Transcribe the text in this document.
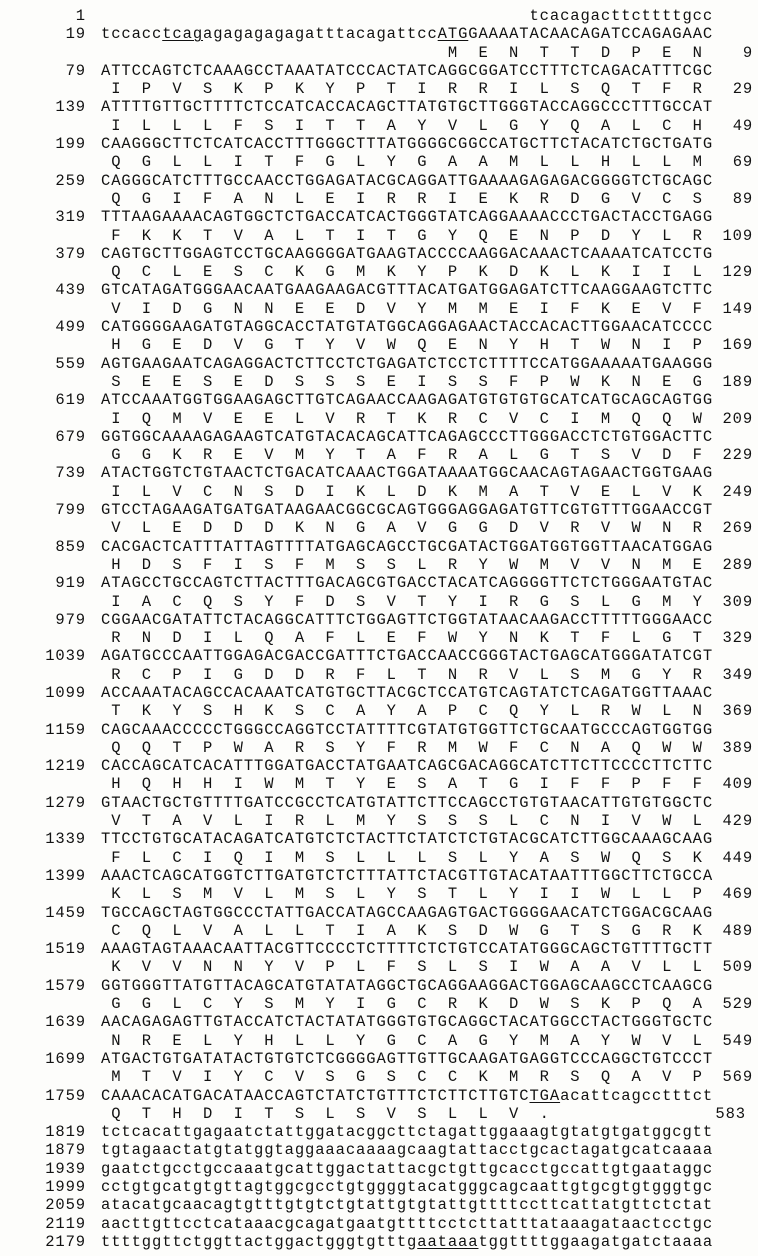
1 tcacagacttcttttgcc
19 tccacctcagagagagagagatttacagattccATGGAAAATACAACAGATCCAGAGAAC
M  E  N  T  T  D  P  E  N	9
79 ATTCCAGTCTCAAAGCCTAAATATCCCACTATCAGGCGGATCCTTTCTCAGACATTTCGC
I  P  V  S  K  P  K  Y  P  T  I  R  R  I  L  S  Q  T  F  R	29
139 ATTTTGTTGCTTTTCTCCATCACCACAGCTTATGTGCTTGGGTACCAGGCCCTTTGCCAT
I  L  L  L  F  S  I  T  T  A  Y  V  L  G  Y  Q  A  L  C  H	49
199 CAAGGGCTTCTCATCACCTTTGGGCTTTATGGGGCGGCCATGCTTCTACATCTGCTGATG
Q  G  L  L  I  T  F  G  L  Y  G  A  A  M  L  L  H  L  L  M	69
259 CAGGGCATCTTTGCCAACCTGGAGATACGCAGGATTGAAAAGAGAGACGGGGTCTGCAGC
Q  G  I  F  A  N  L  E  I  R  R  I  E  K  R  D  G  V  C  S	89
319 TTTAAGAAAACAGTGGCTCTGACCATCACTGGGTATCAGGAAAACCCTGACTACCTGAGG
F  K  K  T  V  A  L  T  I  T  G  Y  Q  E  N  P  D  Y  L  R 109
379 CAGTGCTTGGAGTCCTGCAAGGGGATGAAGTACCCCAAGGACAAACTCAAAATCATCCTG
Q  C  L  E  S  C  K  G  M  K  Y  P  K  D  K  L  K  I  I  L 129
439 GTCATAGATGGGAACAATGAAGAAGACGTTTACATGATGGAGATCTTCAAGGAAGTCTTC
V  I  D  G  N  N  E  E  D  V  Y  M  M  E  I  F  K  E  V  F 149
499 CATGGGGAAGATGTAGGCACCTATGTATGGCAGGAGAACTACCACACTTGGAACATCCCC
H  G  E  D  V  G  T  Y  V  W  Q  E  N  Y  H  T  W  N  I  P 169
559 AGTGAAGAATCAGAGGACTCTTCCTCTGAGATCTCCTCTTTTCCATGGAAAAATGAAGGG
S  E  E  S  E  D  S  S  S  E  I  S  S  F  P  W  K  N  E  G 189
619 ATCCAAATGGTGGAAGAGCTTGTCAGAACCAAGAGATGTGTGTGCATCATGCAGCAGTGG
I  Q  M  V  E  E  L  V  R  T  K  R  C  V  C  I  M  Q  Q  W 209
679 GGTGGCAAAAGAGAAGTCATGTACACAGCATTCAGAGCCCTTGGGACCTCTGTGGACTTC
G  G  K  R  E  V  M  Y  T  A  F  R  A  L  G  T  S  V  D  F 229
739 ATACTGGTCTGTAACTCTGACATCAAACTGGATAAAATGGCAACAGTAGAACTGGTGAAG
I  L  V  C  N  S  D  I  K  L  D  K  M  A  T  V  E  L  V  K 249
799 GTCCTAGAAGATGATGATAAGAACGGCGCAGTGGGAGGAGATGTTCGTGTTTGGAACCGT
V  L  E  D  D  D  K  N  G  A  V  G  G  D  V  R  V  W  N  R 269
859 CACGACTCATTTATTAGTTTTATGAGCAGCCTGCGATACTGGATGGTGGTTAACATGGAG
H  D  S  F  I  S  F  M  S  S  L  R  Y  W  M  V  V  N  M  E 289
919 ATAGCCTGCCAGTCTTACTTTGACAGCGTGACCTACATCAGGGGTTCTCTGGGAATGTAC
I  A  C  Q  S  Y  F  D  S  V  T  Y  I  R  G  S  L  G  M  Y 309
979 CGGAACGATATTCTACAGGCATTTCTGGAGTTCTGGTATAACAAGACCTTTTTGGGAACC
R  N  D  I  L  Q  A  F  L  E  F  W  Y  N  K  T  F  L  G  T 329
1039 AGATGCCCAATTGGAGACGACCGATTTCTGACCAACCGGGTACTGAGCATGGGATATCGT
R  C  P  I  G  D  D  R  F  L  T  N  R  V  L  S  M  G  Y  R 349
1099 ACCAAATACAGCCACAAATCATGTGCTTACGCTCCATGTCAGTATCTCAGATGGTTAAAC
T  K  Y  S  H  K  S  C  A  Y  A  P  C  Q  Y  L  R  W  L  N 369
1159 CAGCAAACCCCCTGGGCCAGGTCCTATTTTCGTATGTGGTTCTGCAATGCCCAGTGGTGG
Q  Q  T  P  W  A  R  S  Y  F  R  M  W  F  C  N  A  Q  W  W 389
1219 CACCAGCATCACATTTGGATGACCTATGAATCAGCGACAGGCATCTTCTTCCCCTTCTTC
H  Q  H  H  I  W  M  T  Y  E  S  A  T  G  I  F  F  P  F  F 409
1279 GTAACTGCTGTTTTGATCCGCCTCATGTATTCTTCCAGCCTGTGTAACATTGTGTGGCTC
V  T  A  V  L  I  R  L  M  Y  S  S  S  L  C  N  I  V  W  L 429
1339 TTCCTGTGCATACAGATCATGTCTCTACTTCTATCTCTGTACGCATCTTGGCAAAGCAAG
F  L  C  I  Q  I  M  S  L  L  L  S  L  Y  A  S  W  Q  S  K 449
1399 AAACTCAGCATGGTCTTGATGTCTCTTTATTCTACGTTGTACATAATTTGGCTTCTGCCA
K  L  S  M  V  L  M  S  L  Y  S  T  L  Y  I  I  W  L  L  P 469
1459 TGCCAGCTAGTGGCCCTATTGACCATAGCCAAGAGTGACTGGGGAACATCTGGACGCAAG
C  Q  L  V  A  L  L  T  I  A  K  S  D  W  G  T  S  G  R  K 489
1519 AAAGTAGTAAACAATTACGTTCCCCTCTTTTCTCTGTCCATATGGGCAGCTGTTTTGCTT
K  V  V  N  N  Y  V  P  L  F  S  L  S  I  W  A  A  V  L  L 509
1579 GGTGGGTTATGTTACAGCATGTATATAGGCTGCAGGAAGGACTGGAGCAAGCCTCAAGCG
G  G  L  C  Y  S  M  Y  I  G  C  R  K  D  W  S  K  P  Q  A 529
1639 AACAGAGAGTTGTACCATCTACTATATGGGTGTGCAGGCTACATGGCCTACTGGGTGCTC
N  R  E  L  Y  H  L  L  Y  G  C  A  G  Y  M  A  Y  W  V  L 549
1699 ATGACTGTGATATACTGTGTCTCGGGGAGTTGTTGCAAGATGAGGTCCCAGGCTGTCCCT
M  T  V  I  Y  C  V  S  G  S  C  C  K  M  R  S  Q  A  V  P 569
1759 CAAACACATGACATAACCAGTCTATCTGTTTCTCTTCTTGTCTGAacattcagcctttct
Q  T  H  D  I  T  S  L  S  V  S  L  L  V  .	583
1819 tctcacattgagaatctattggatacggcttctagattggaaagtgtatgtgatggcgtt
1879 tgtagaactatgtatggtaggaaacaaaagcaagtattacctgcactagatgcatcaaaa
1939 gaatctgcctgccaaatgcattggactattacgctgttgcacctgccattgtgaataggc
1999 cctgtgcatgtgttagtggcgcctgtggggtacatgggcagcaattgtgcgtgtgggtgc
2059 atacatgcaacagtgtttgtgtctgtattgtgtattgttttccttcattatgttctctat
2119 aacttgttcctcataaacgcagatgaatgttttcctcttatttataaagataactcctgc
2179 ttttggttctggttactggactgggtgtttgaataaatggttttggaagatgatctaaaa
